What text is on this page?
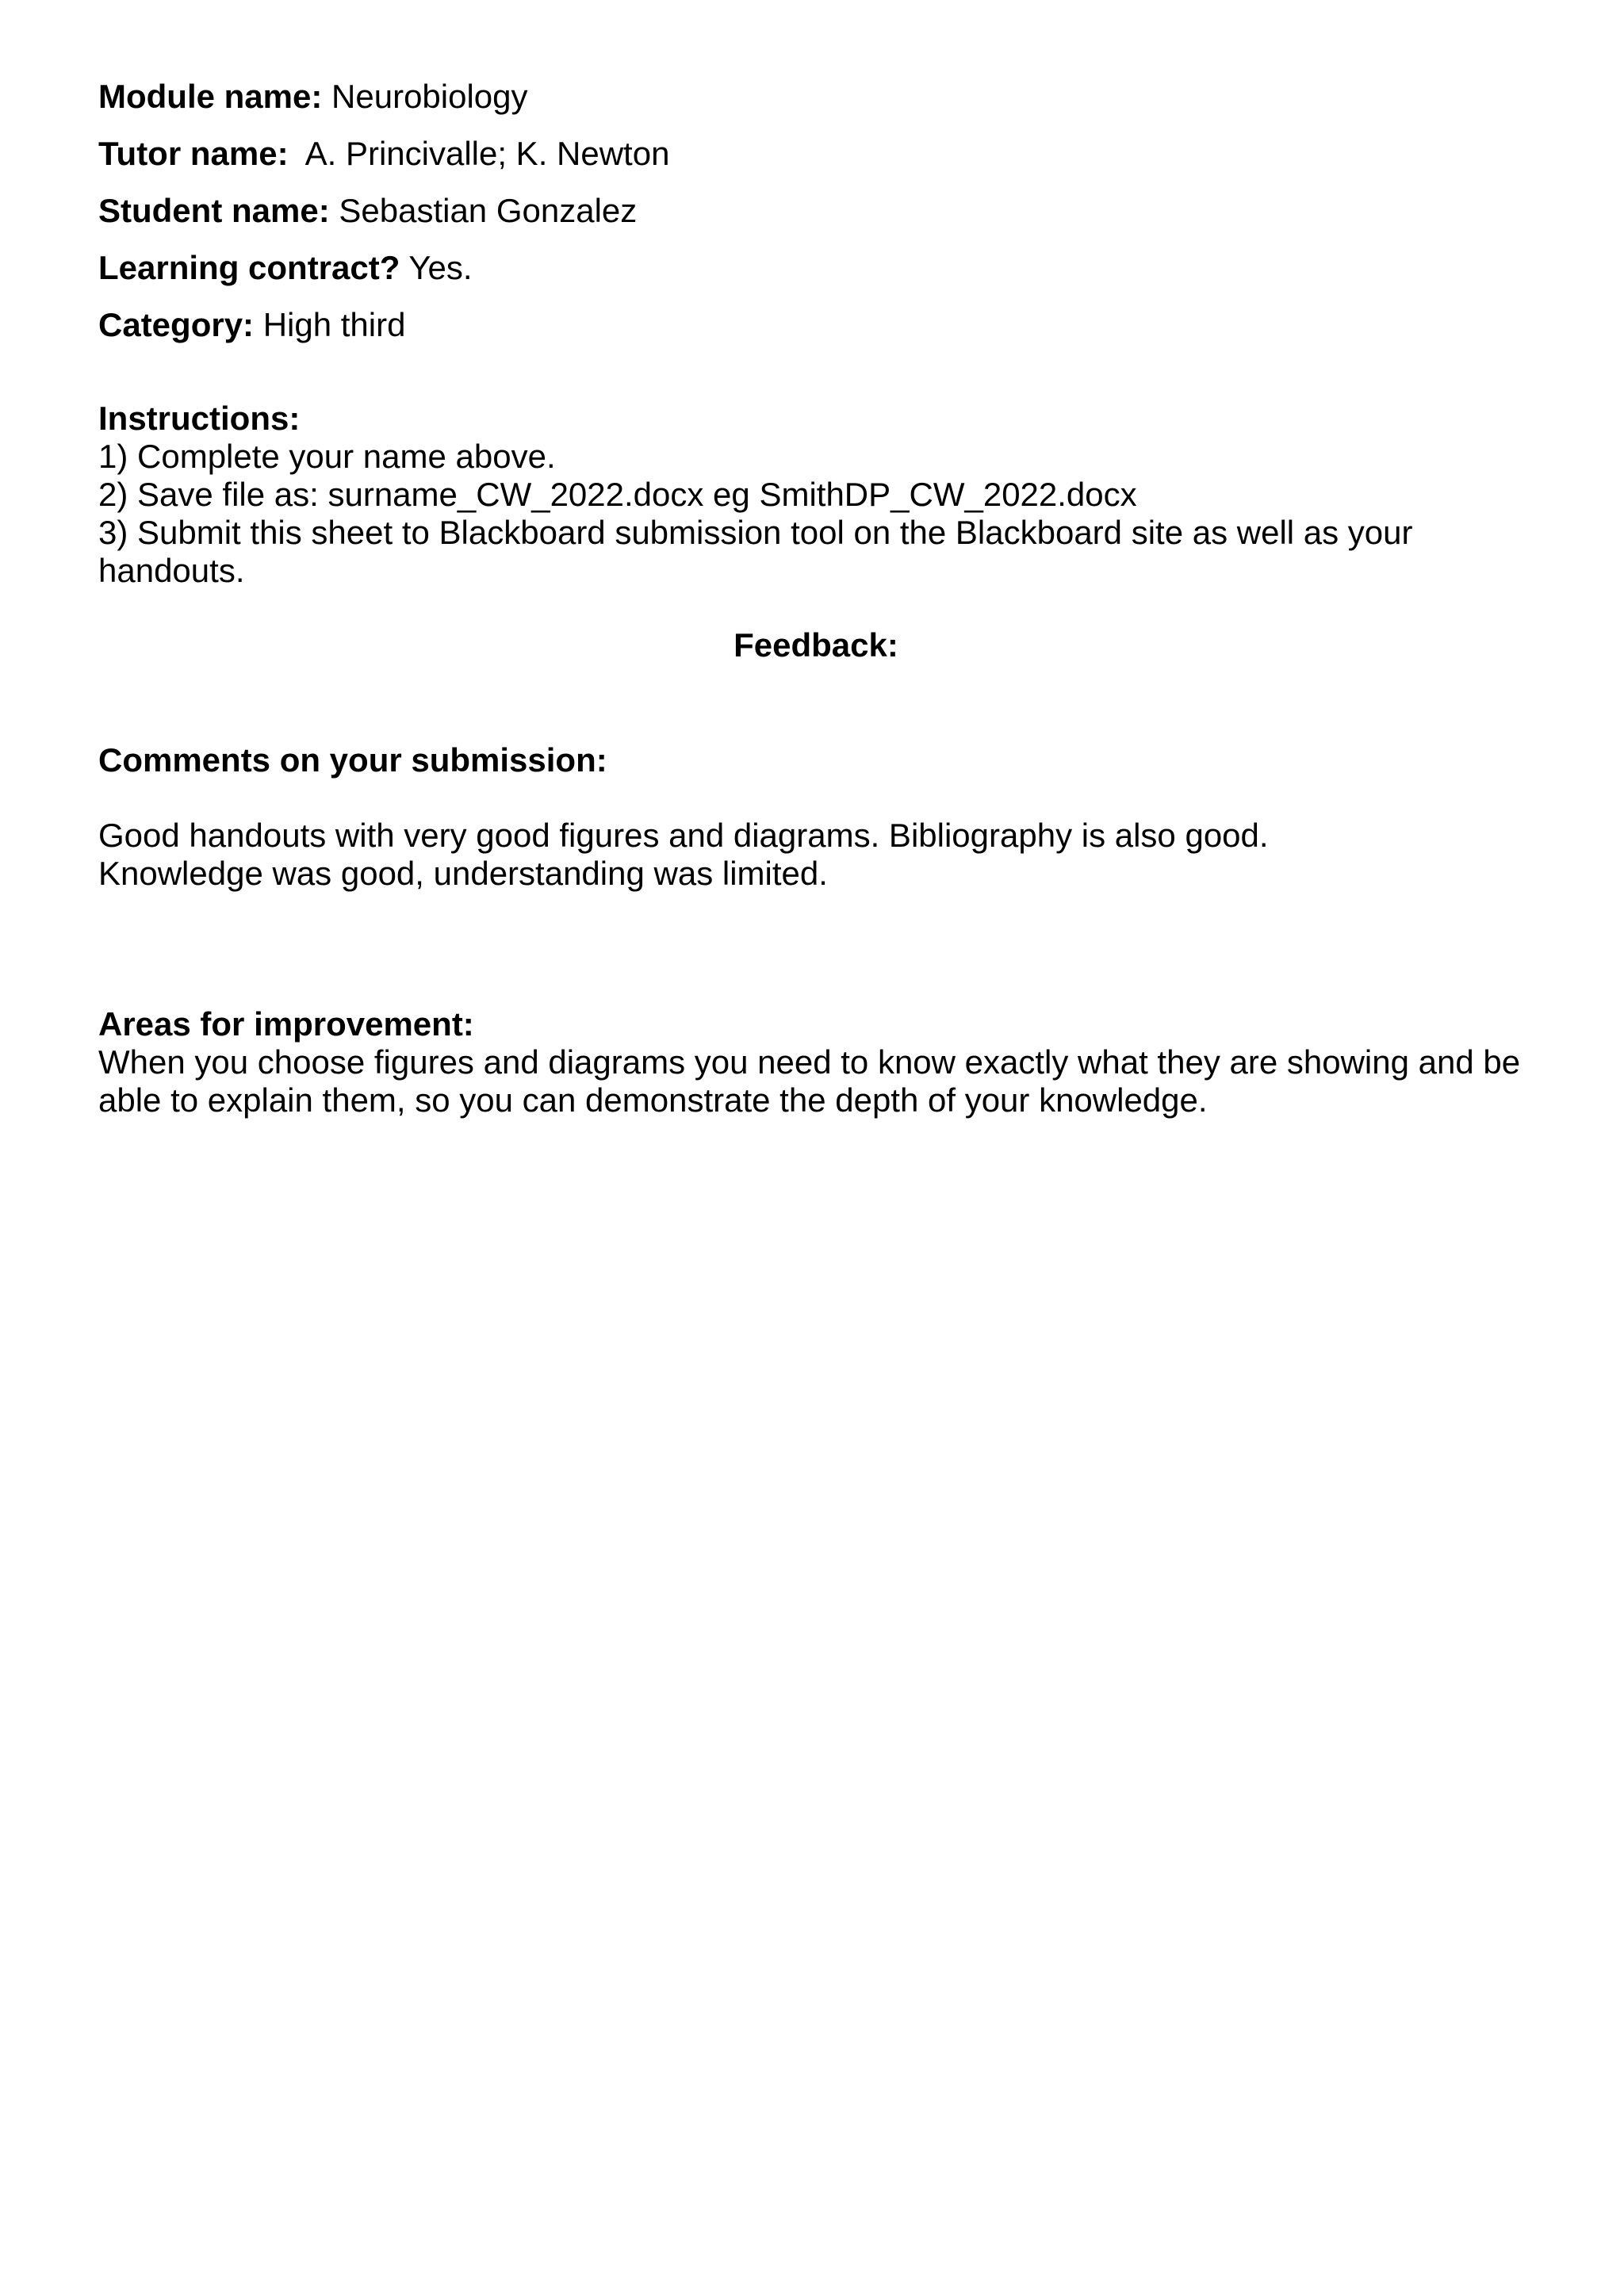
Module name: Neurobiology
Tutor name: A. Princivalle; K. Newton
Student name: Sebastian Gonzalez
Learning contract? Yes.
Category: High third
Instructions:
1) Complete your name above.
2) Save file as: surname_CW_2022.docx eg SmithDP_CW_2022.docx
3) Submit this sheet to Blackboard submission tool on the Blackboard site as well as your handouts.
Feedback:
Comments on your submission:
Good handouts with very good figures and diagrams. Bibliography is also good.
Knowledge was good, understanding was limited.
Areas for improvement:
When you choose figures and diagrams you need to know exactly what they are showing and be able to explain them, so you can demonstrate the depth of your knowledge.
